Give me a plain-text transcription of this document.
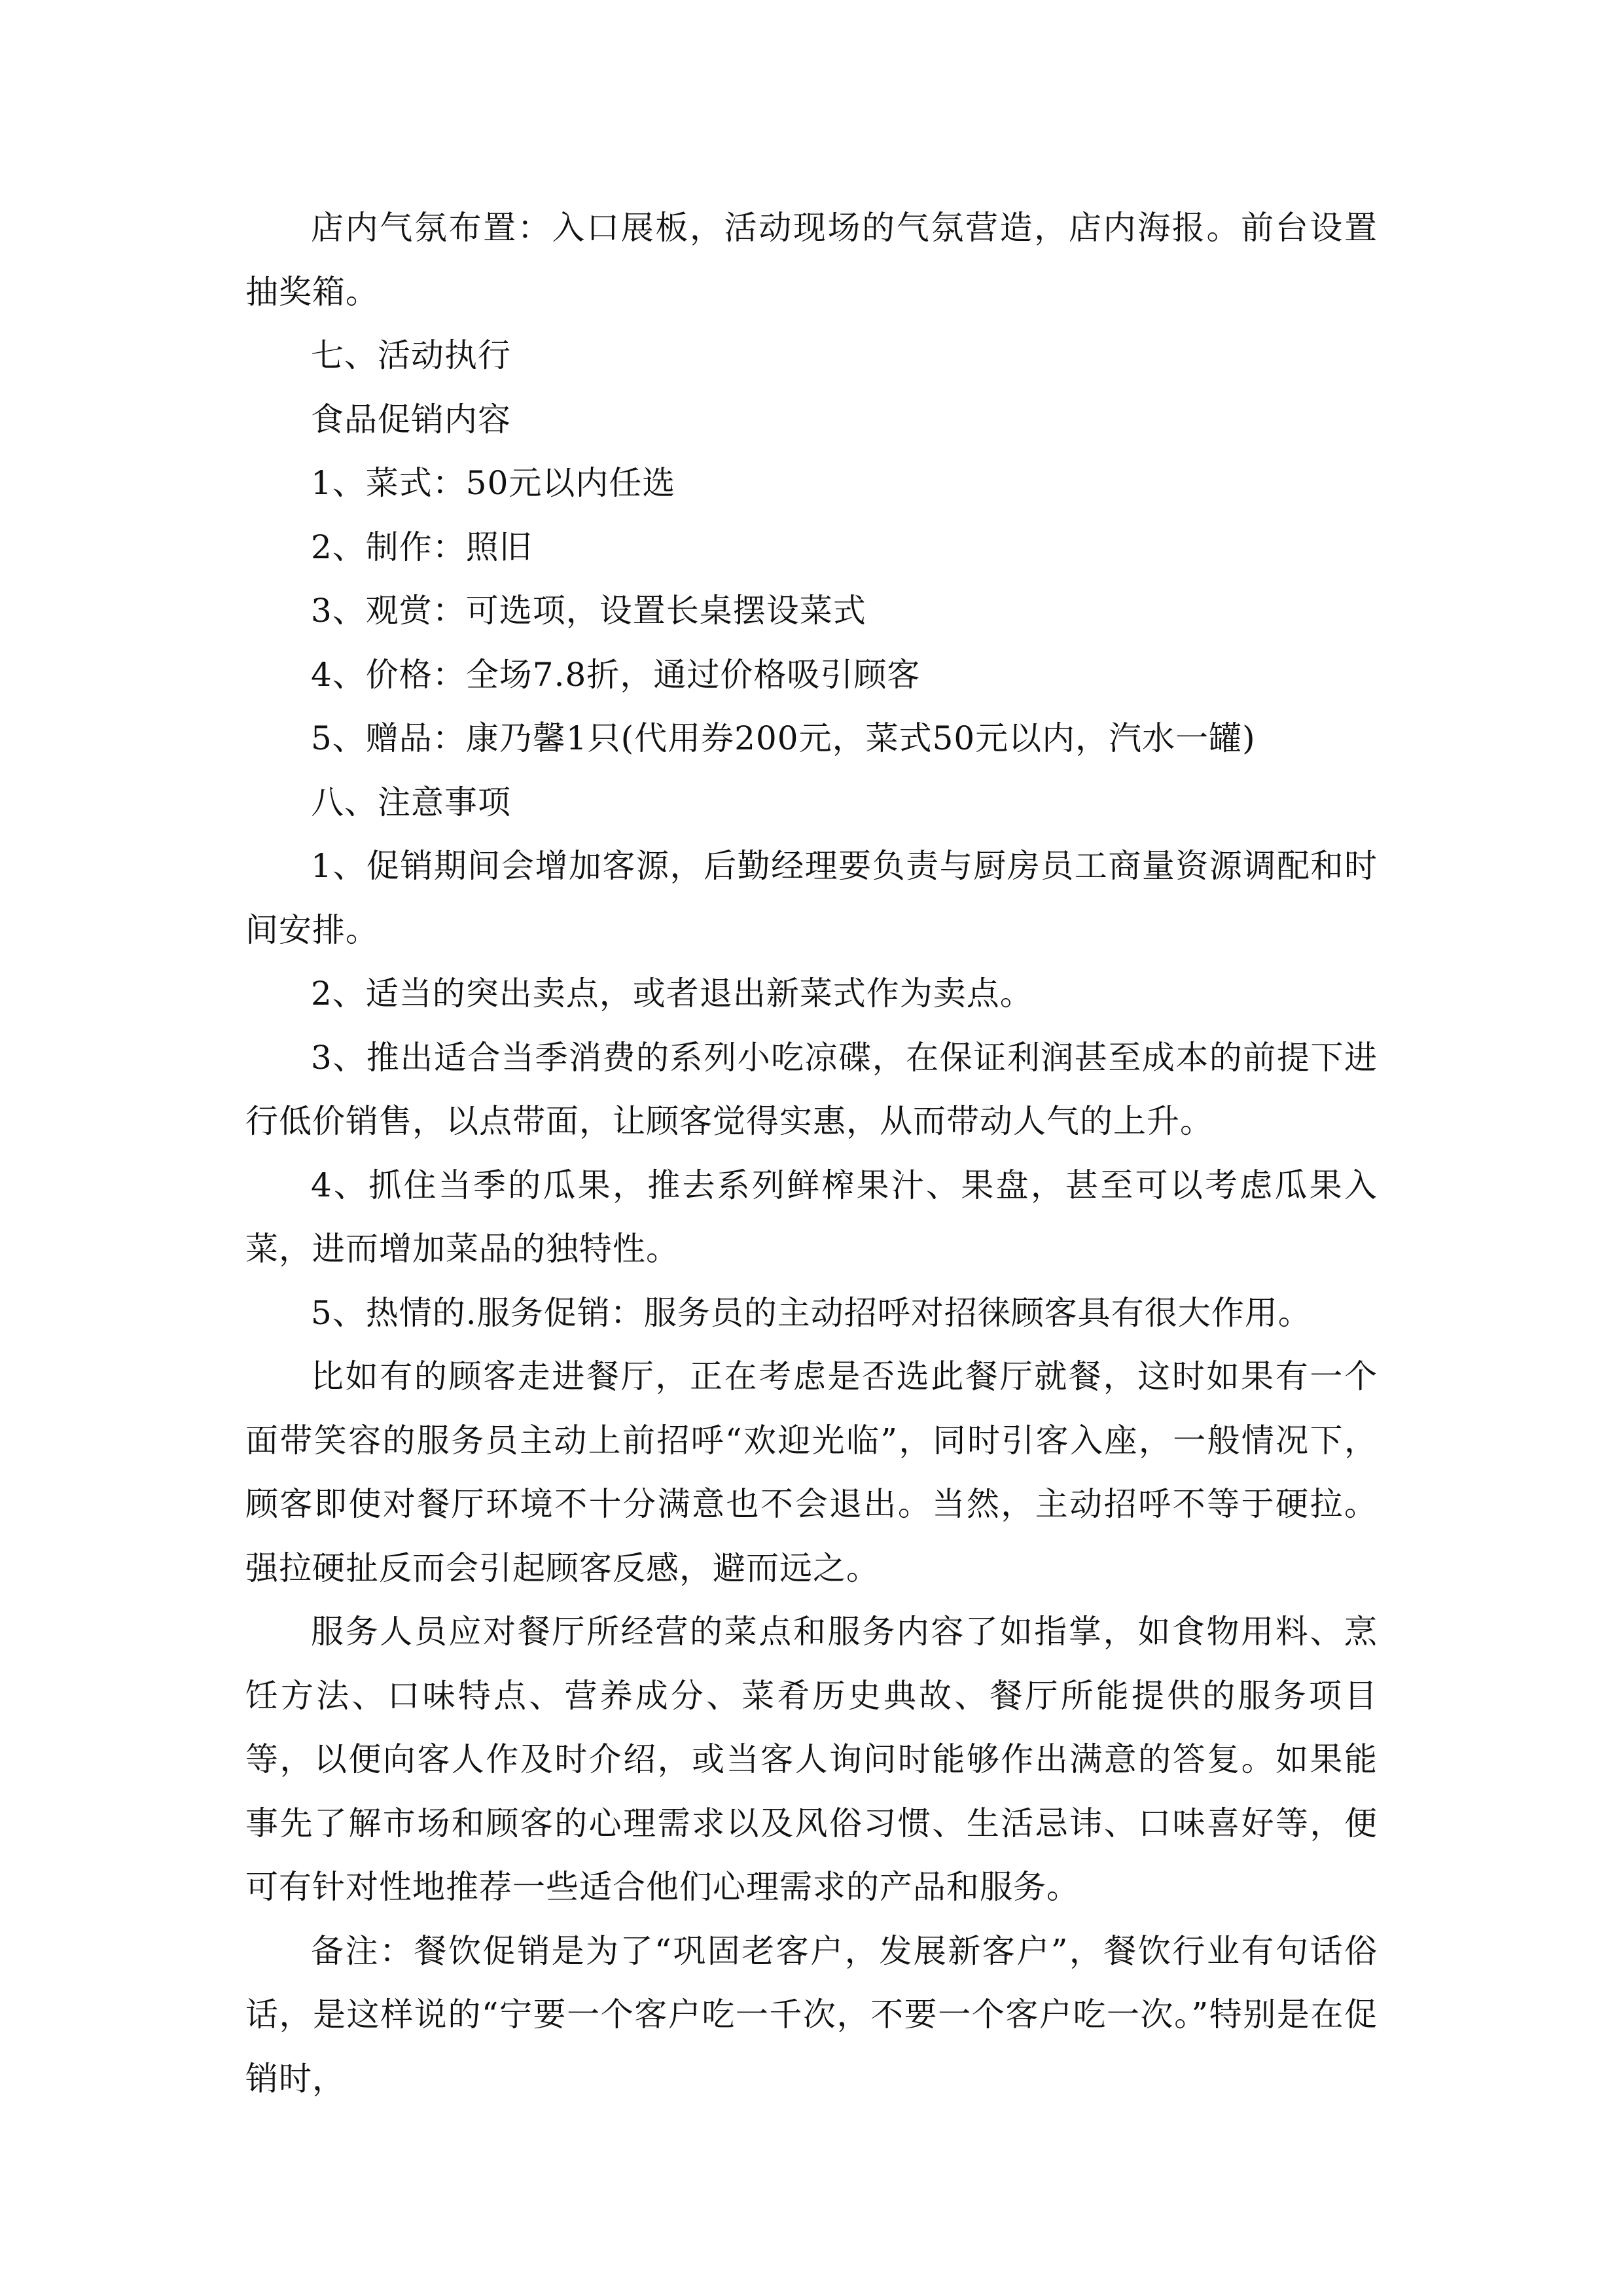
店内气氛布置：入口展板，活动现场的气氛营造，店内海报。前台设置抽奖箱。

七、活动执行

食品促销内容

1、菜式：50元以内任选

2、制作：照旧

3、观赏：可选项，设置长桌摆设菜式

4、价格：全场7.8折，通过价格吸引顾客

5、赠品：康乃馨1只(代用券200元，菜式50元以内，汽水一罐)

八、注意事项

1、促销期间会增加客源，后勤经理要负责与厨房员工商量资源调配和时间安排。

2、适当的突出卖点，或者退出新菜式作为卖点。

3、推出适合当季消费的系列小吃凉碟，在保证利润甚至成本的前提下进行低价销售，以点带面，让顾客觉得实惠，从而带动人气的上升。

4、抓住当季的瓜果，推去系列鲜榨果汁、果盘，甚至可以考虑瓜果入菜，进而增加菜品的独特性。

5、热情的.服务促销：服务员的主动招呼对招徕顾客具有很大作用。

比如有的顾客走进餐厅，正在考虑是否选此餐厅就餐，这时如果有一个面带笑容的服务员主动上前招呼“欢迎光临”，同时引客入座，一般情况下，顾客即使对餐厅环境不十分满意也不会退出。当然，主动招呼不等于硬拉。强拉硬扯反而会引起顾客反感，避而远之。

服务人员应对餐厅所经营的菜点和服务内容了如指掌，如食物用料、烹饪方法、口味特点、营养成分、菜肴历史典故、餐厅所能提供的服务项目等，以便向客人作及时介绍，或当客人询问时能够作出满意的答复。如果能事先了解市场和顾客的心理需求以及风俗习惯、生活忌讳、口味喜好等，便可有针对性地推荐一些适合他们心理需求的产品和服务。

备注：餐饮促销是为了“巩固老客户，发展新客户”，餐饮行业有句话俗话，是这样说的“宁要一个客户吃一千次，不要一个客户吃一次。”特别是在促销时，
